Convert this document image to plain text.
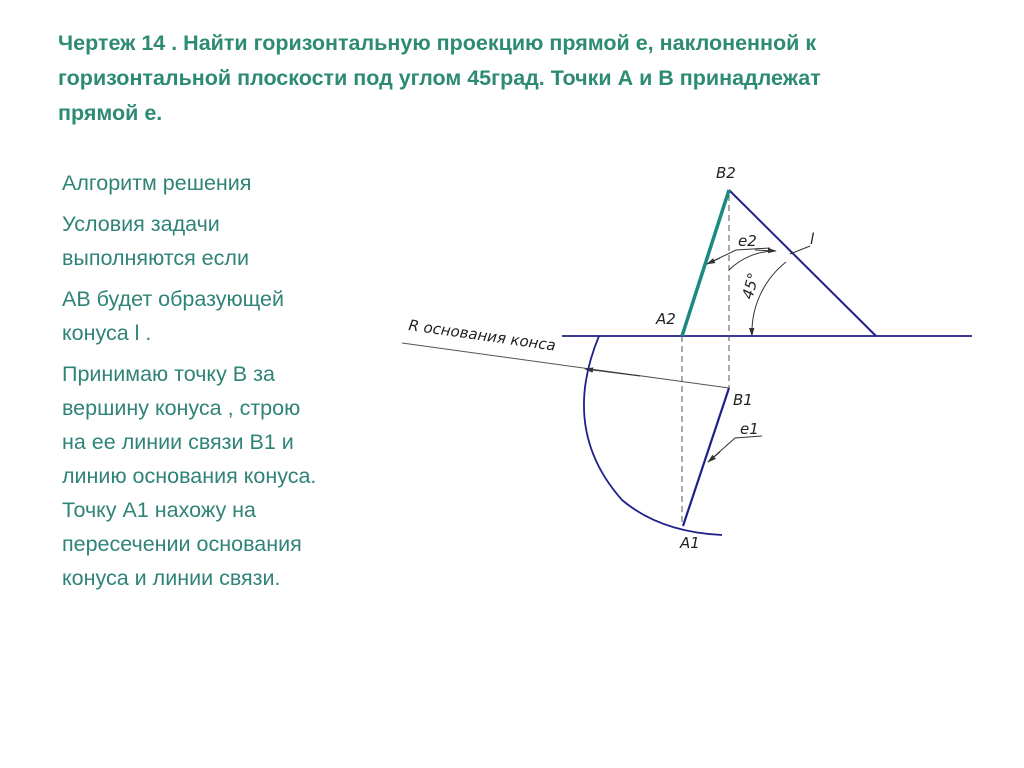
Чертеж 14 . Найти горизонтальную проекцию прямой е, наклоненной к
горизонтальной плоскости под углом 45град. Точки А и В принадлежат
прямой е.

Алгоритм решения

Условия задачи
выполняются если

АВ будет образующей
конуса l .

Принимаю точку В за
вершину конуса , строю
на ее линии связи В1 и
линию основания конуса.
Точку А1 нахожу на
пересечении основания
конуса и линии связи.

B2
A2
e2	l
45°
R основания конса
B1
e1
A1
